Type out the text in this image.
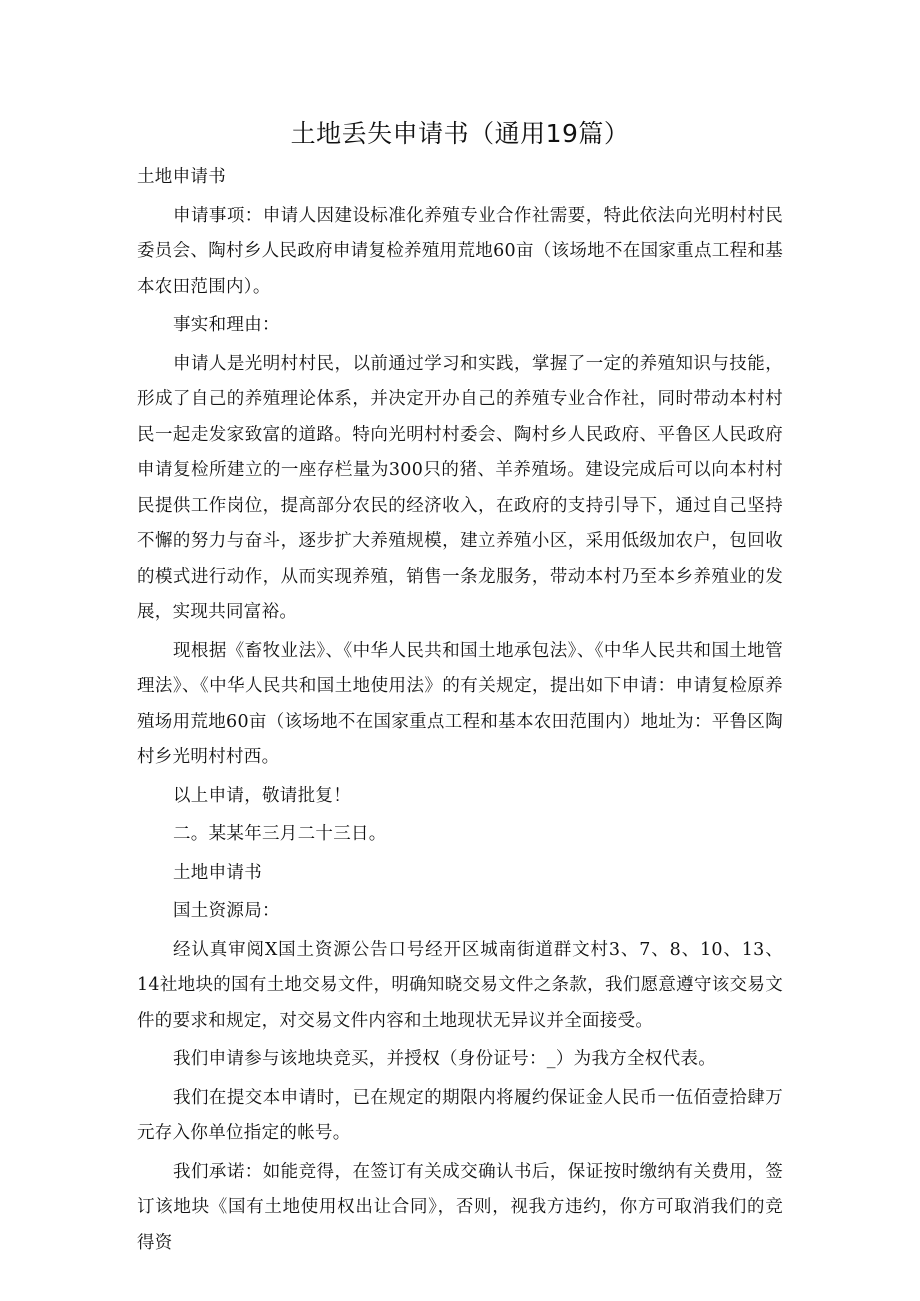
土地丢失申请书（通用19篇）

土地申请书

申请事项：申请人因建设标准化养殖专业合作社需要，特此依法向光明村村民委员会、陶村乡人民政府申请复检养殖用荒地60亩（该场地不在国家重点工程和基本农田范围内）。

事实和理由：

申请人是光明村村民，以前通过学习和实践，掌握了一定的养殖知识与技能，形成了自己的养殖理论体系，并决定开办自己的养殖专业合作社，同时带动本村村民一起走发家致富的道路。特向光明村村委会、陶村乡人民政府、平鲁区人民政府申请复检所建立的一座存栏量为300只的猪、羊养殖场。建设完成后可以向本村村民提供工作岗位，提高部分农民的经济收入，在政府的支持引导下，通过自己坚持不懈的努力与奋斗，逐步扩大养殖规模，建立养殖小区，采用低级加农户，包回收的模式进行动作，从而实现养殖，销售一条龙服务，带动本村乃至本乡养殖业的发展，实现共同富裕。

现根据《畜牧业法》、《中华人民共和国土地承包法》、《中华人民共和国土地管理法》、《中华人民共和国土地使用法》的有关规定，提出如下申请：申请复检原养殖场用荒地60亩（该场地不在国家重点工程和基本农田范围内）地址为：平鲁区陶村乡光明村村西。

以上申请，敬请批复！

二。某某年三月二十三日。

土地申请书

国土资源局：

经认真审阅X国土资源公告口号经开区城南街道群文村3、7、8、10、13、14社地块的国有土地交易文件，明确知晓交易文件之条款，我们愿意遵守该交易文件的要求和规定，对交易文件内容和土地现状无异议并全面接受。

我们申请参与该地块竞买，并授权（身份证号：_）为我方全权代表。

我们在提交本申请时，已在规定的期限内将履约保证金人民币一伍佰壹拾肆万元存入你单位指定的帐号。

我们承诺：如能竞得，在签订有关成交确认书后，保证按时缴纳有关费用，签订该地块《国有土地使用权出让合同》，否则，视我方违约，你方可取消我们的竞得资
